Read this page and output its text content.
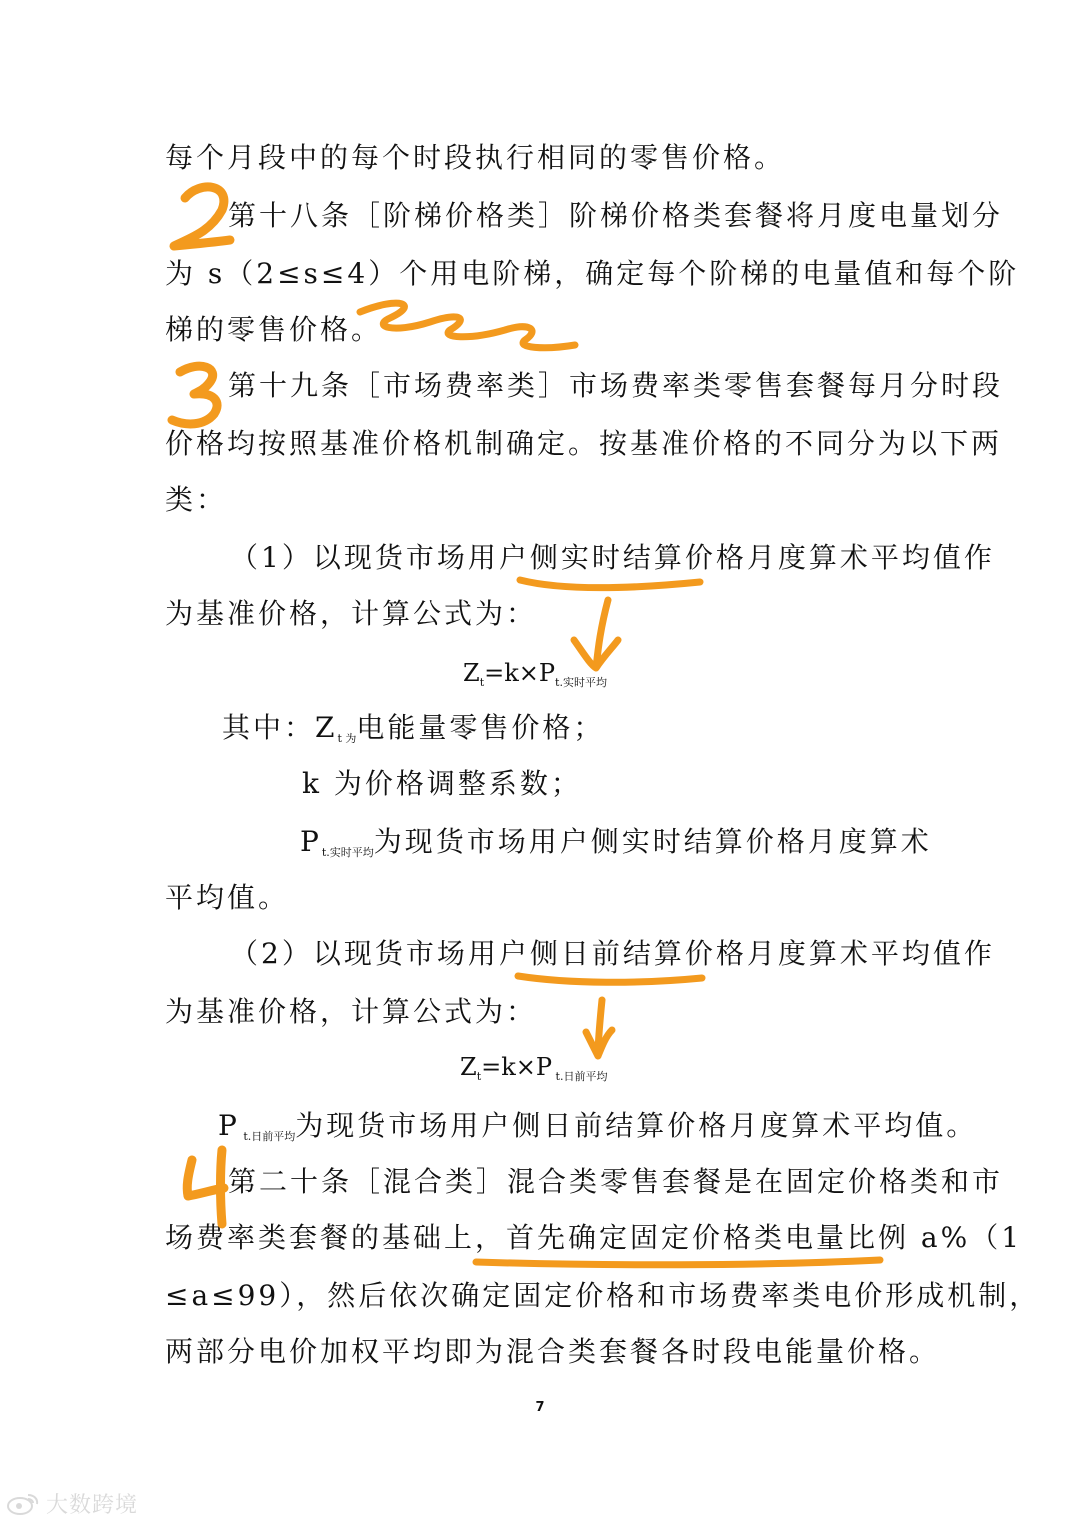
每个月段中的每个时段执行相同的零售价格。
第十八条［阶梯价格类］阶梯价格类套餐将月度电量划分
为 s（2≤s≤4）个用电阶梯，确定每个阶梯的电量值和每个阶
梯的零售价格。
第十九条［市场费率类］市场费率类零售套餐每月分时段
价格均按照基准价格机制确定。按基准价格的不同分为以下两
类：
（1）以现货市场用户侧实时结算价格月度算术平均值作
为基准价格，计算公式为：
$Z_t=k\times P_{t.实时平均}$
其中：$Z_{t 为}$电能量零售价格；
k 为价格调整系数；
$P_{t.实时平均}$为现货市场用户侧实时结算价格月度算术
平均值。
（2）以现货市场用户侧日前结算价格月度算术平均值作
为基准价格，计算公式为：
$Z_t=k\times P$ $_{t.日前平均}$
P $_{t.日前平均}$为现货市场用户侧日前结算价格月度算术平均值。
第二十条［混合类］混合类零售套餐是在固定价格类和市
场费率类套餐的基础上，首先确定固定价格类电量比例 a%（1
≤a≤99），然后依次确定固定价格和市场费率类电价形成机制，
两部分电价加权平均即为混合类套餐各时段电能量价格。
7
大数跨境
